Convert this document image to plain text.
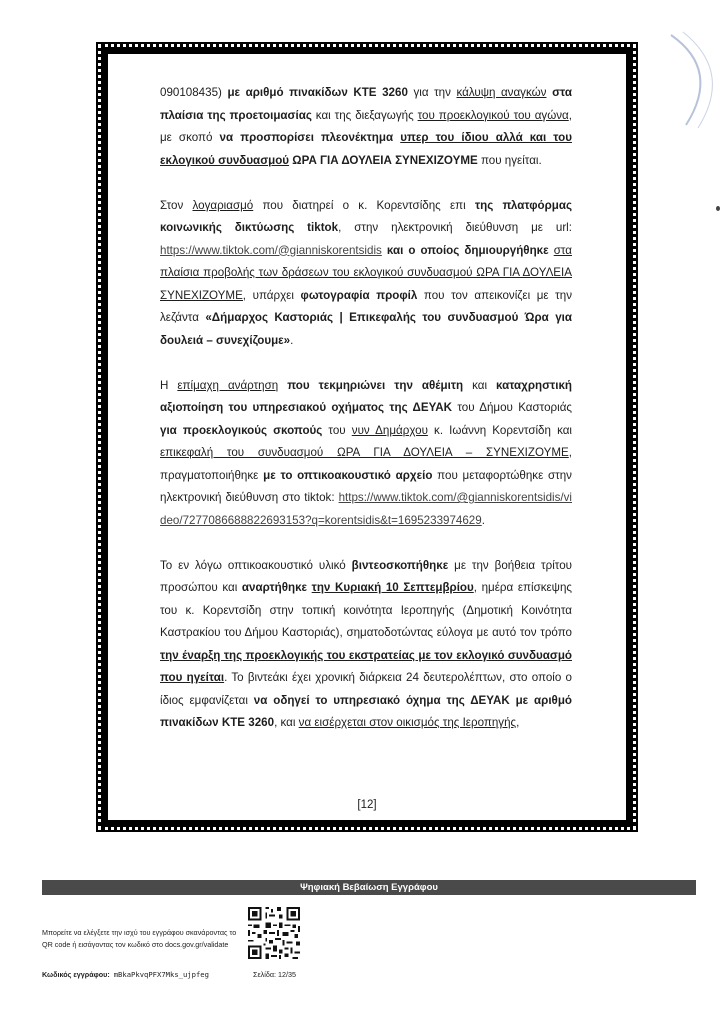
090108435) με αριθμό πινακίδων ΚΤΕ 3260 για την κάλυψη αναγκών στα πλαίσια της προετοιμασίας και της διεξαγωγής του προεκλογικού του αγώνα, με σκοπό να προσπορίσει πλεονέκτημα υπερ του ίδιου αλλά και του εκλογικού συνδυασμού ΩΡΑ ΓΙΑ ΔΟΥΛΕΙΑ ΣΥΝΕΧΙΖΟΥΜΕ που ηγείται.

Στον λογαριασμό που διατηρεί ο κ. Κορεντσίδης επι της πλατφόρμας κοινωνικής δικτύωσης tiktok, στην ηλεκτρονική διεύθυνση με url: https://www.tiktok.com/@gianniskorentsidis και ο οποίος δημιουργήθηκε στα πλαίσια προβολής των δράσεων του εκλογικού συνδυασμού ΩΡΑ ΓΙΑ ΔΟΥΛΕΙΑ ΣΥΝΕΧΙΖΟΥΜΕ, υπάρχει φωτογραφία προφίλ που τον απεικονίζει με την λεζάντα «Δήμαρχος Καστοριάς | Επικεφαλής του συνδυασμού Ώρα για δουλειά – συνεχίζουμε».

Η επίμαχη ανάρτηση που τεκμηριώνει την αθέμιτη και καταχρηστική αξιοποίηση του υπηρεσιακού οχήματος της ΔΕΥΑΚ του Δήμου Καστοριάς για προεκλογικούς σκοπούς του νυν Δημάρχου κ. Ιωάννη Κορεντσίδη και επικεφαλή του συνδυασμού ΩΡΑ ΓΙΑ ΔΟΥΛΕΙΑ – ΣΥΝΕΧΙΖΟΥΜΕ, πραγματοποιήθηκε με το οπτικοακουστικό αρχείο που μεταφορτώθηκε στην ηλεκτρονική διεύθυνση στο tiktok: https://www.tiktok.com/@gianniskorentsidis/video/7277086688822693153?q=korentsidis&t=1695233974629.

Το εν λόγω οπτικοακουστικό υλικό βιντεοσκοπήθηκε με την βοήθεια τρίτου προσώπου και αναρτήθηκε την Κυριακή 10 Σεπτεμβρίου, ημέρα επίσκεψης του κ. Κορεντσίδη στην τοπική κοινότητα Ιεροπηγής (Δημοτική Κοινότητα Καστρακίου του Δήμου Καστοριάς), σηματοδοτώντας εύλογα με αυτό τον τρόπο την έναρξη της προεκλογικής του εκστρατείας με τον εκλογικό συνδυασμό που ηγείται. Το βιντεάκι έχει χρονική διάρκεια 24 δευτερολέπτων, στο οποίο ο ίδιος εμφανίζεται να οδηγεί το υπηρεσιακό όχημα της ΔΕΥΑΚ με αριθμό πινακίδων ΚΤΕ 3260, και να εισέρχεται στον οικισμός της Ιεροπηγής,

[12]
Ψηφιακή Βεβαίωση Εγγράφου
Μπορείτε να ελέγξετε την ισχύ του εγγράφου σκανάροντας το QR code ή εισάγοντας τον κωδικό στο docs.gov.gr/validate
Κωδικός εγγράφου: mBkaPkvqPFX7Mks_ujpfeg	Σελίδα: 12/35
